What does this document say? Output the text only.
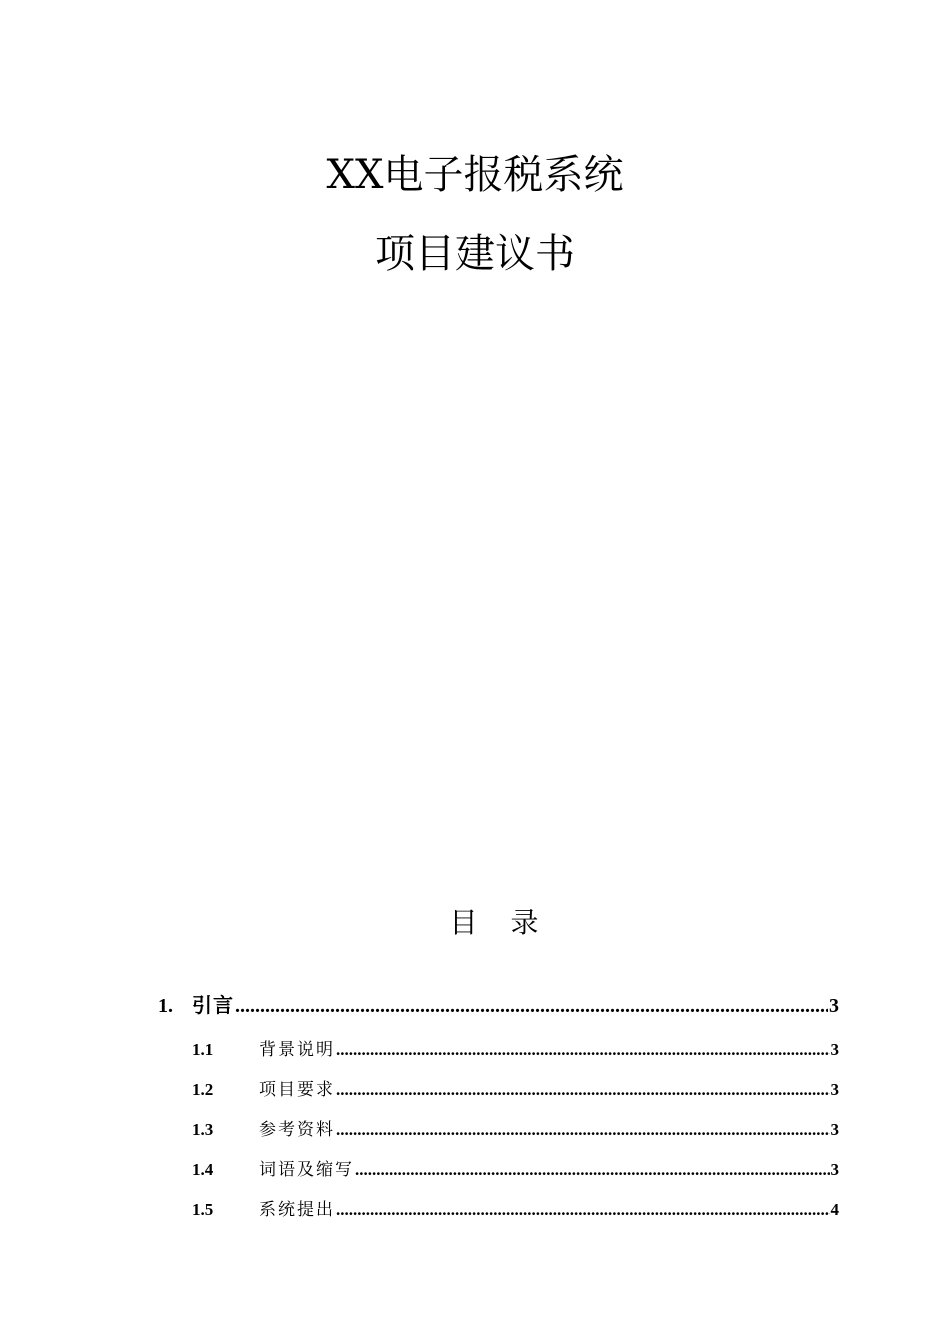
XX电子报税系统
项目建议书
目 录
1. 引言 .....	3
1.1	背景说明 .....	3
1.2	项目要求 .....	3
1.3	参考资料 .....	3
1.4	词语及缩写 .....	3
1.5	系统提出 .....	4
